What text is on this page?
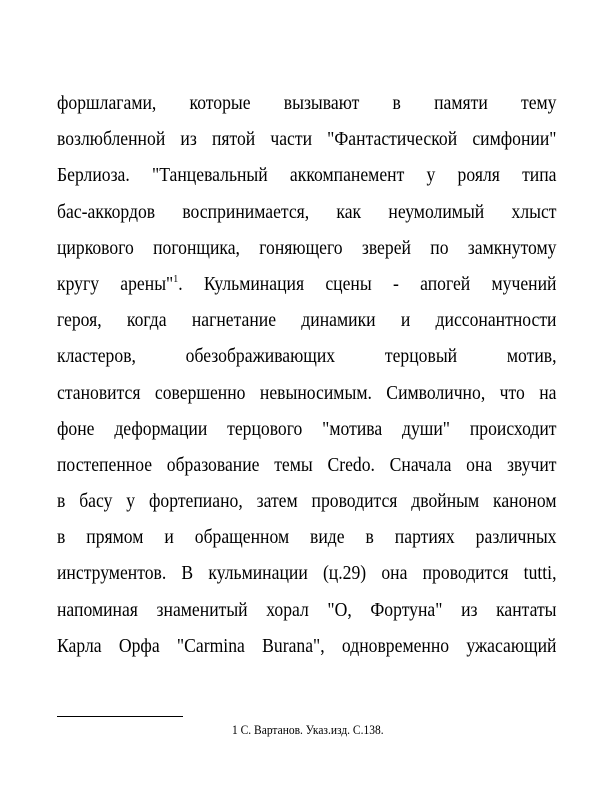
форшлагами, которые вызывают в памяти тему
возлюбленной из пятой части "Фантастической симфонии"
Берлиоза. "Танцевальный аккомпанемент у рояля типа
бас-аккордов воспринимается, как неумолимый хлыст
циркового погонщика, гоняющего зверей по замкнутому
кругу арены"$^1$. Кульминация сцены - апогей мучений
героя, когда нагнетание динамики и диссонантности
кластеров, обезображивающих терцовый мотив,
становится совершенно невыносимым. Символично, что на
фоне деформации терцового "мотива души" происходит
постепенное образование темы Credo. Сначала она звучит
в басу у фортепиано, затем проводится двойным каноном
в прямом и обращенном виде в партиях различных
инструментов. В кульминации (ц.29) она проводится tutti,
напоминая знаменитый хорал "О, Фортуна" из кантаты
Карла Орфа "Carmina Burana", одновременно ужасающий
1 С. Вартанов. Указ.изд. С.138.
